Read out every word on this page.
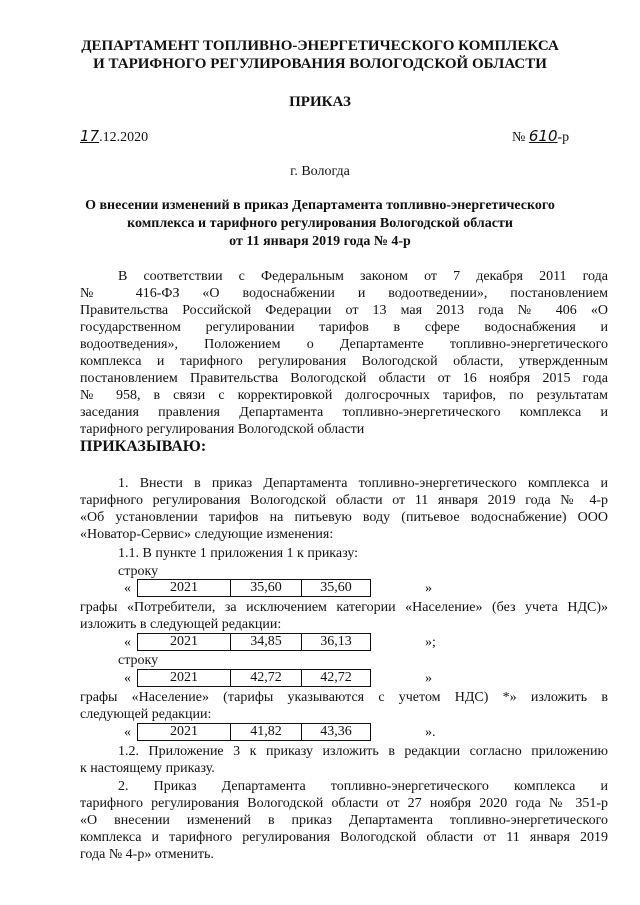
ДЕПАРТАМЕНТ ТОПЛИВНО-ЭНЕРГЕТИЧЕСКОГО КОМПЛЕКСА
И ТАРИФНОГО РЕГУЛИРОВАНИЯ ВОЛОГОДСКОЙ ОБЛАСТИ
ПРИКАЗ
17.12.2020	№ 610-р
г. Вологда
О внесении изменений в приказ Департамента топливно-энергетического
комплекса и тарифного регулирования Вологодской области
от 11 января 2019 года № 4-р
В соответствии с Федеральным законом от 7 декабря 2011 года
№ 416-ФЗ «О водоснабжении и водоотведении», постановлением
Правительства Российской Федерации от 13 мая 2013 года № 406 «О
государственном регулировании тарифов в сфере водоснабжения и
водоотведения», Положением о Департаменте топливно-энергетического
комплекса и тарифного регулирования Вологодской области, утвержденным
постановлением Правительства Вологодской области от 16 ноября 2015 года
№ 958, в связи с корректировкой долгосрочных тарифов, по результатам
заседания правления Департамента топливно-энергетического комплекса и
тарифного регулирования Вологодской области
ПРИКАЗЫВАЮ:
1. Внести в приказ Департамента топливно-энергетического комплекса и
тарифного регулирования Вологодской области от 11 января 2019 года № 4-р
«Об установлении тарифов на питьевую воду (питьевое водоснабжение) ООО
«Новатор-Сервис» следующие изменения:
1.1. В пункте 1 приложения 1 к приказу:
строку
«	2021	35,60	35,60	»
графы «Потребители, за исключением категории «Население» (без учета НДС)»
изложить в следующей редакции:
«	2021	34,85	36,13	»;
строку
«	2021	42,72	42,72	»
графы «Население» (тарифы указываются с учетом НДС) *» изложить в
следующей редакции:
«	2021	41,82	43,36	».
1.2. Приложение 3 к приказу изложить в редакции согласно приложению
к настоящему приказу.
2. Приказ Департамента топливно-энергетического комплекса и
тарифного регулирования Вологодской области от 27 ноября 2020 года № 351-р
«О внесении изменений в приказ Департамента топливно-энергетического
комплекса и тарифного регулирования Вологодской области от 11 января 2019
года № 4-р» отменить.
